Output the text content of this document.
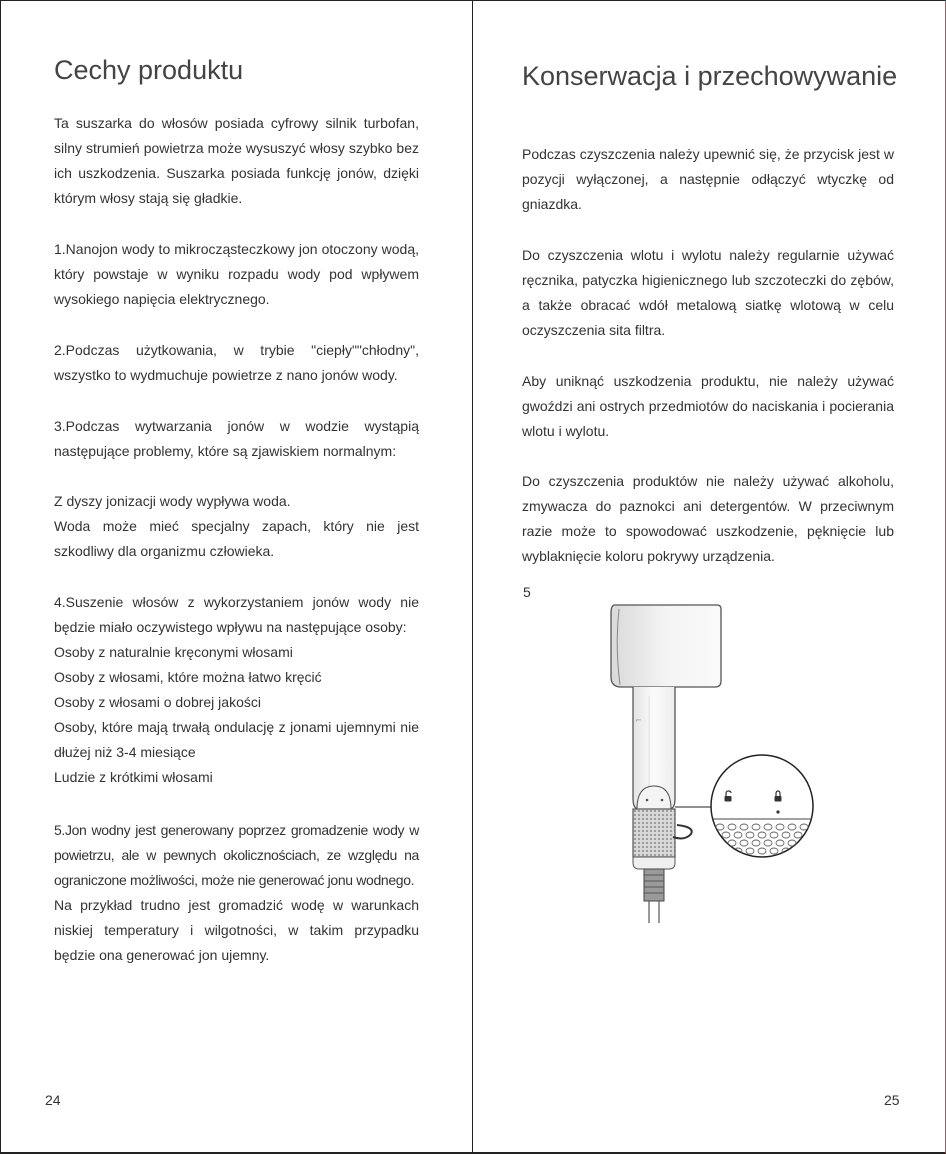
Cechy produktu

Ta suszarka do włosów posiada cyfrowy silnik turbofan, silny strumień powietrza może wysuszyć włosy szybko bez ich uszkodzenia. Suszarka posiada funkcję jonów, dzięki którym włosy stają się gładkie.

1.Nanojon wody to mikrocząsteczkowy jon otoczony wodą, który powstaje w wyniku rozpadu wody pod wpływem wysokiego napięcia elektrycznego.

2.Podczas użytkowania, w trybie "ciepły""chłodny", wszystko to wydmuchuje powietrze z nano jonów wody.

3.Podczas wytwarzania jonów w wodzie wystąpią następujące problemy, które są zjawiskiem normalnym:

Z dyszy jonizacji wody wypływa woda.

Woda może mieć specjalny zapach, który nie jest szkodliwy dla organizmu człowieka.

4.Suszenie włosów z wykorzystaniem jonów wody nie będzie miało oczywistego wpływu na następujące osoby:

Osoby z naturalnie kręconymi włosami

Osoby z włosami, które można łatwo kręcić

Osoby z włosami o dobrej jakości

Osoby, które mają trwałą ondulację z jonami ujemnymi nie dłużej niż 3-4 miesiące

Ludzie z krótkimi włosami

5.Jon wodny jest generowany poprzez gromadzenie wody w powietrzu, ale w pewnych okolicznościach, ze względu na ograniczone możliwości, może nie generować jonu wodnego.

Na przykład trudno jest gromadzić wodę w warunkach niskiej temperatury i wilgotności, w takim przypadku będzie ona generować jon ujemny.

24
Konserwacja i przechowywanie

Podczas czyszczenia należy upewnić się, że przycisk jest w pozycji wyłączonej, a następnie odłączyć wtyczkę od gniazdka.

Do czyszczenia wlotu i wylotu należy regularnie używać ręcznika, patyczka higienicznego lub szczoteczki do zębów, a także obracać wdół metalową siatkę wlotową w celu oczyszczenia sita filtra.

Aby uniknąć uszkodzenia produktu, nie należy używać gwoździ ani ostrych przedmiotów do naciskania i pocierania wlotu i wylotu.

Do czyszczenia produktów nie należy używać alkoholu, zmywacza do paznokci ani detergentów. W przeciwnym razie może to spowodować uszkodzenie, pęknięcie lub wyblaknięcie koloru pokrywy urządzenia.

5
⌐
25
